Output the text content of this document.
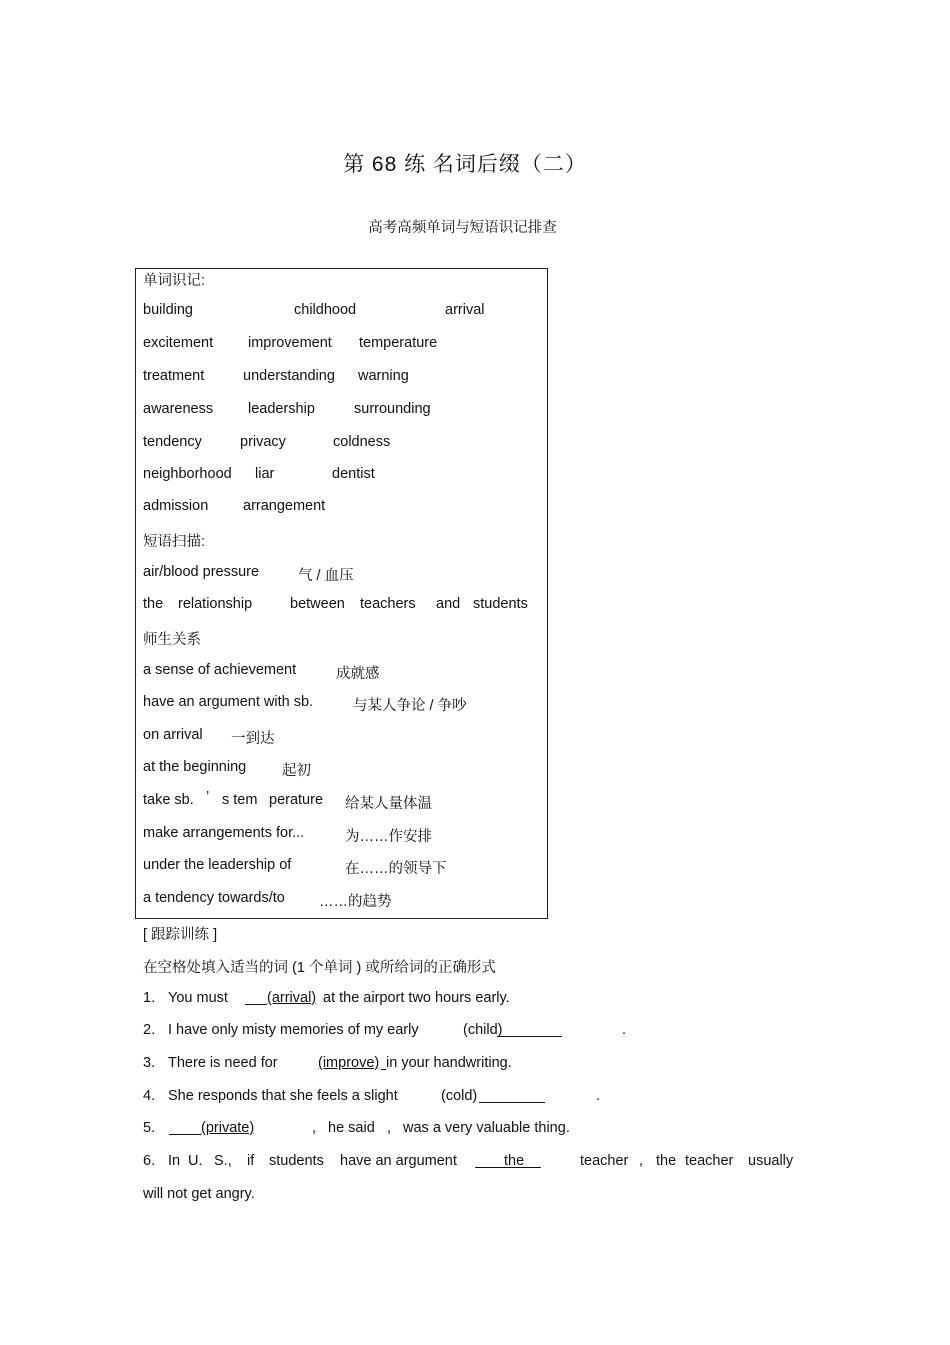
第 68 练 名词后缀（二）
高考高频单词与短语识记排查
单词识记:
building	childhood	arrival
excitement improvement temperature
treatment	understanding warning
awareness leadership	surrounding
tendency	privacy	coldness
neighborhood liar	dentist
admission arrangement
短语扫描:
air/blood pressure	气 / 血压
the relationship	between teachers and students
师生关系
a sense of achievement	成就感
have an argument with sb.	与某人争论 / 争吵
on arrival 一到达
at the beginning 起初
take sb. ’ s tem perature 给某人量体温
make arrangements for...	为……作安排
under the leadership of	在……的领导下
a tendency towards/to ……的趋势
[ 跟踪训练 ]
在空格处填入适当的词 (1 个单词 ) 或所给词的正确形式
1. You must	(arrival) at the airport two hours early.
2. I have only misty memories of my early	(child)	.
3. There is need for	(improve) in your handwriting.
4. She responds that she feels a slight	(cold)	.
5.	(private)	, he said , was a very valuable thing.
6. In U. S., if students have an argument	the	teacher , the teacher usually
will not get angry.
